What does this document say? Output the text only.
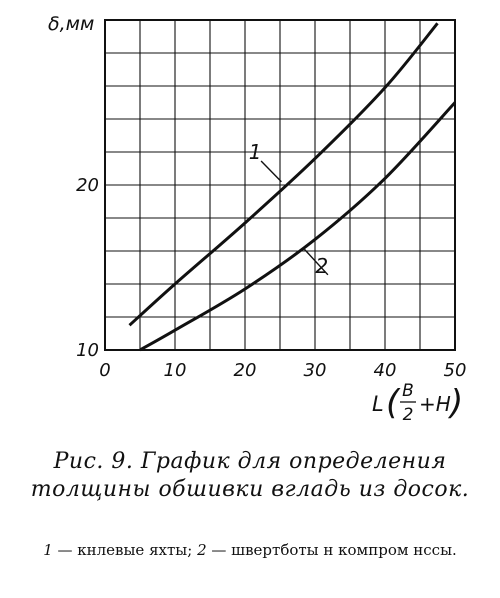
0	10	20	30	40	50
10
20
1
2
δ,мм
L ( B
2 +H )
Рис. 9. График для определения толщины обшивки вгладь из досок.
1 — кнлевые яхты; 2 — швертботы н компром нссы.
